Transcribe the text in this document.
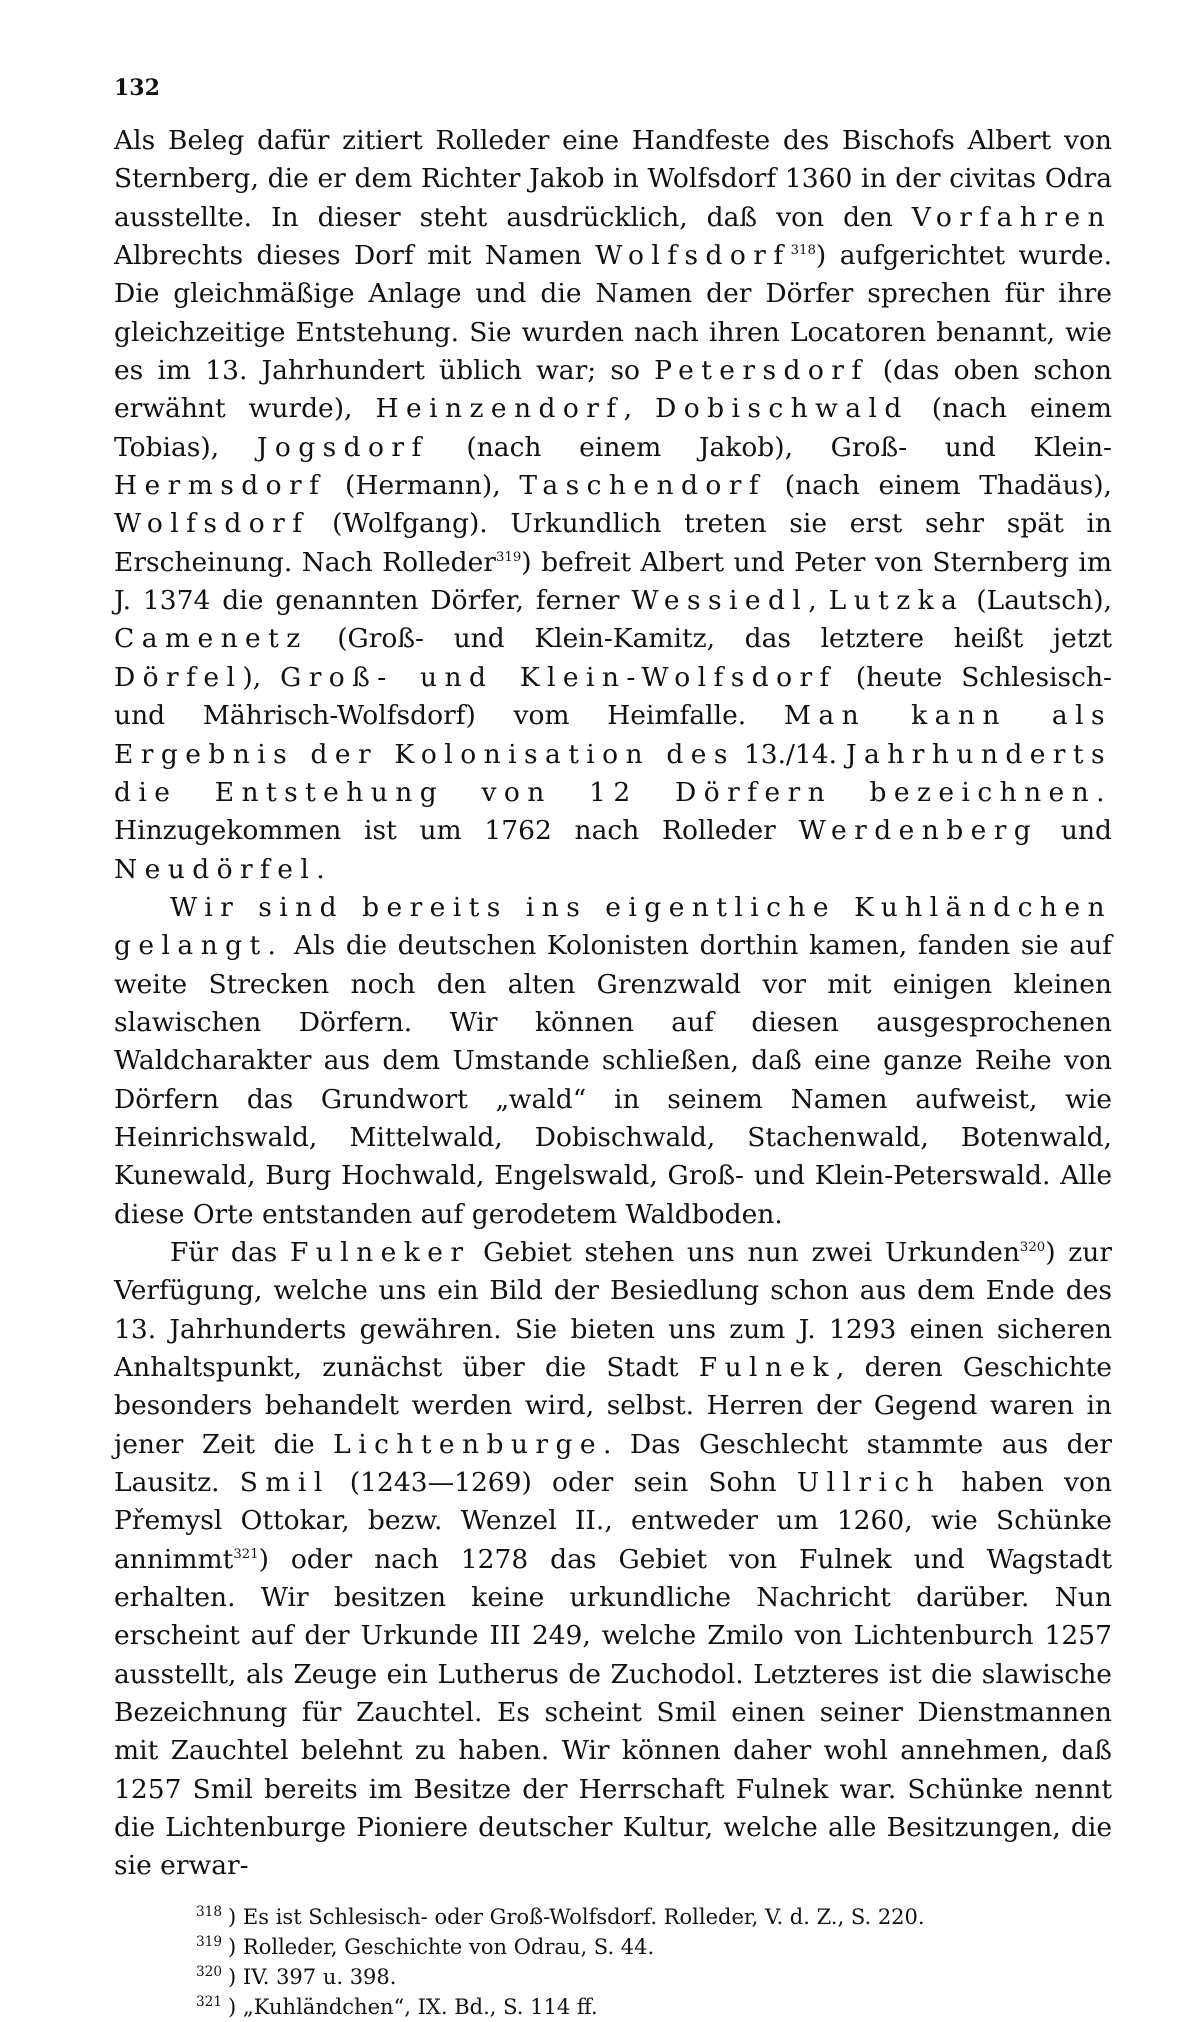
132

Als Beleg dafür zitiert Rolleder eine Handfeste des Bischofs Albert von Sternberg, die er dem Richter Jakob in Wolfsdorf 1360 in der civitas Odra ausstellte. In dieser steht ausdrücklich, daß von den Vorfahren Albrechts dieses Dorf mit Namen Wolfsdorf$^{318}$) aufgerichtet wurde. Die gleichmäßige Anlage und die Namen der Dörfer sprechen für ihre gleichzeitige Entstehung. Sie wurden nach ihren Locatoren benannt, wie es im 13. Jahrhundert üblich war; so Petersdorf (das oben schon erwähnt wurde), Heinzendorf, Dobischwald (nach einem Tobias), Jogsdorf (nach einem Jakob), Groß- und Klein-Hermsdorf (Hermann), Taschendorf (nach einem Thadäus), Wolfsdorf (Wolfgang). Urkundlich treten sie erst sehr spät in Erscheinung. Nach Rolleder$^{319}$) befreit Albert und Peter von Sternberg im J. 1374 die genannten Dörfer, ferner Wessiedl, Lutzka (Lautsch), Camenetz (Groß- und Klein-Kamitz, das letztere heißt jetzt Dörfel), Groß- und Klein-Wolfsdorf (heute Schlesisch- und Mährisch-Wolfsdorf) vom Heimfalle. Man kann als Ergebnis der Kolonisation des 13./14. Jahrhunderts die Entstehung von 12 Dörfern bezeichnen. Hinzugekommen ist um 1762 nach Rolleder Werdenberg und Neudörfel.

Wir sind bereits ins eigentliche Kuhländchen gelangt. Als die deutschen Kolonisten dorthin kamen, fanden sie auf weite Strecken noch den alten Grenzwald vor mit einigen kleinen slawischen Dörfern. Wir können auf diesen ausgesprochenen Waldcharakter aus dem Umstande schließen, daß eine ganze Reihe von Dörfern das Grundwort „wald“ in seinem Namen aufweist, wie Heinrichswald, Mittelwald, Dobischwald, Stachenwald, Botenwald, Kunewald, Burg Hochwald, Engelswald, Groß- und Klein-Peterswald. Alle diese Orte entstanden auf gerodetem Waldboden.

Für das Fulneker Gebiet stehen uns nun zwei Urkunden$^{320}$) zur Verfügung, welche uns ein Bild der Besiedlung schon aus dem Ende des 13. Jahrhunderts gewähren. Sie bieten uns zum J. 1293 einen sicheren Anhaltspunkt, zunächst über die Stadt Fulnek, deren Geschichte besonders behandelt werden wird, selbst. Herren der Gegend waren in jener Zeit die Lichtenburge. Das Geschlecht stammte aus der Lausitz. Smil (1243—1269) oder sein Sohn Ullrich haben von Přemysl Ottokar, bezw. Wenzel II., entweder um 1260, wie Schünke annimmt$^{321}$) oder nach 1278 das Gebiet von Fulnek und Wagstadt erhalten. Wir besitzen keine urkundliche Nachricht darüber. Nun erscheint auf der Urkunde III 249, welche Zmilo von Lichtenburch 1257 ausstellt, als Zeuge ein Lutherus de Zuchodol. Letzteres ist die slawische Bezeichnung für Zauchtel. Es scheint Smil einen seiner Dienstmannen mit Zauchtel belehnt zu haben. Wir können daher wohl annehmen, daß 1257 Smil bereits im Besitze der Herrschaft Fulnek war. Schünke nennt die Lichtenburge Pioniere deutscher Kultur, welche alle Besitzungen, die sie erwar-

$^{318}$ ) Es ist Schlesisch- oder Groß-Wolfsdorf. Rolleder, V. d. Z., S. 220.
$^{319}$ ) Rolleder, Geschichte von Odrau, S. 44.
$^{320}$ ) IV. 397 u. 398.
$^{321}$ ) „Kuhländchen“, IX. Bd., S. 114 ff.
